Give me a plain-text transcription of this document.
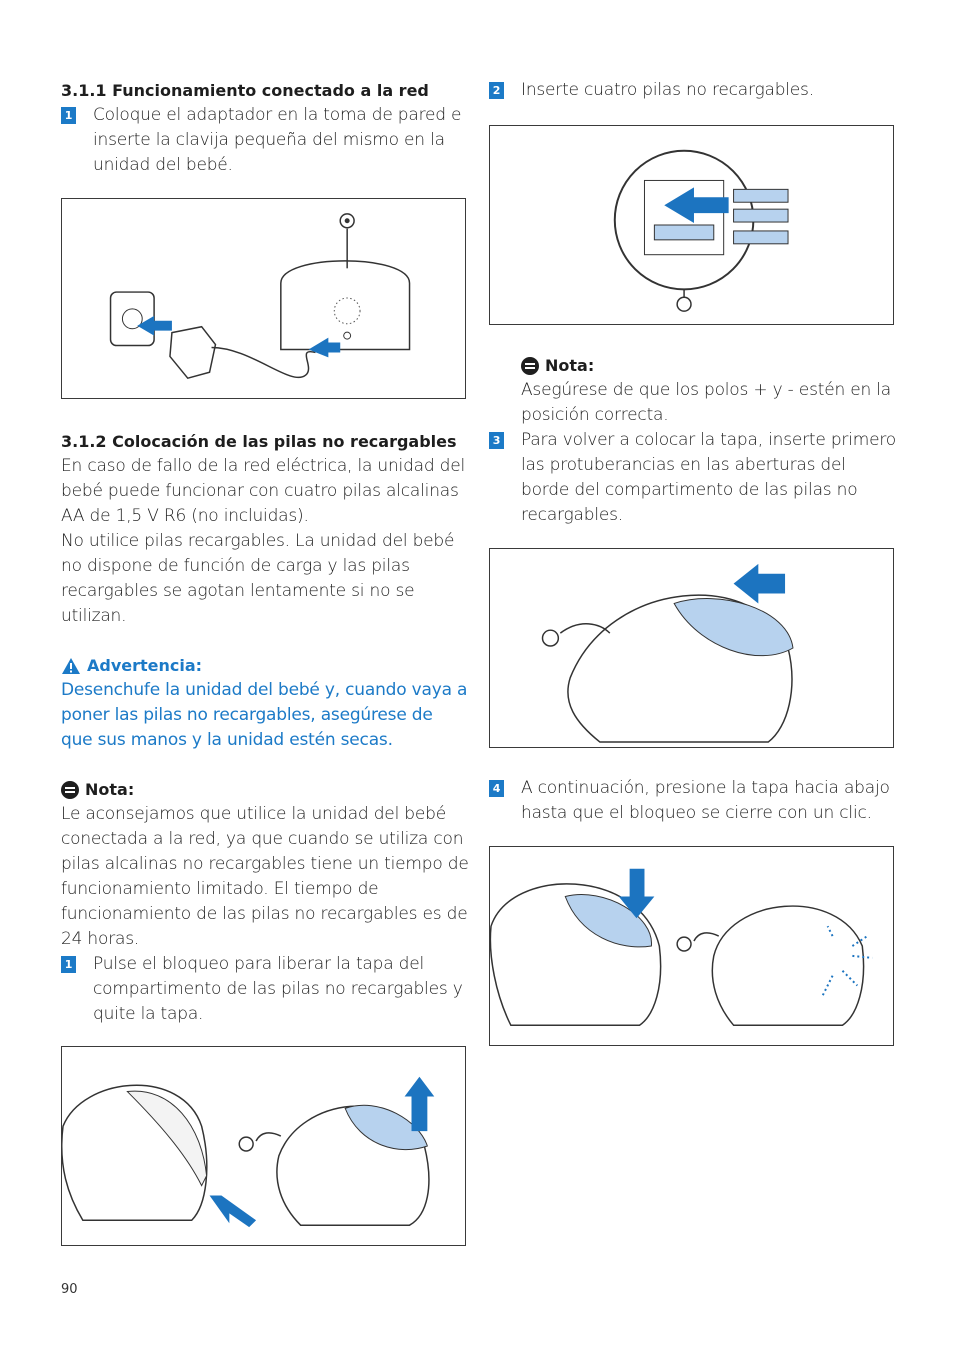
3.1.1 Funcionamiento conectado a la red

1 Coloque el adaptador en la toma de pared e inserte la clavija pequeña del mismo en la unidad del bebé.

3.1.2 Colocación de las pilas no recargables

En caso de fallo de la red eléctrica, la unidad del bebé puede funcionar con cuatro pilas alcalinas AA de 1,5 V R6 (no incluidas).

No utilice pilas recargables. La unidad del bebé no dispone de función de carga y las pilas recargables se agotan lentamente si no se utilizan.

Advertencia:

Desenchufe la unidad del bebé y, cuando vaya a poner las pilas no recargables, asegúrese de que sus manos y la unidad estén secas.

Nota:

Le aconsejamos que utilice la unidad del bebé conectada a la red, ya que cuando se utiliza con pilas alcalinas no recargables tiene un tiempo de funcionamiento limitado. El tiempo de funcionamiento de las pilas no recargables es de 24 horas.

1 Pulse el bloqueo para liberar la tapa del compartimento de las pilas no recargables y quite la tapa.
2 Inserte cuatro pilas no recargables.
Nota:

Asegúrese de que los polos + y - estén en la posición correcta.

3 Para volver a colocar la tapa, inserte primero las protuberancias en las aberturas del borde del compartimento de las pilas no recargables.
4 A continuación, presione la tapa hacia abajo hasta que el bloqueo se cierre con un clic.
90
